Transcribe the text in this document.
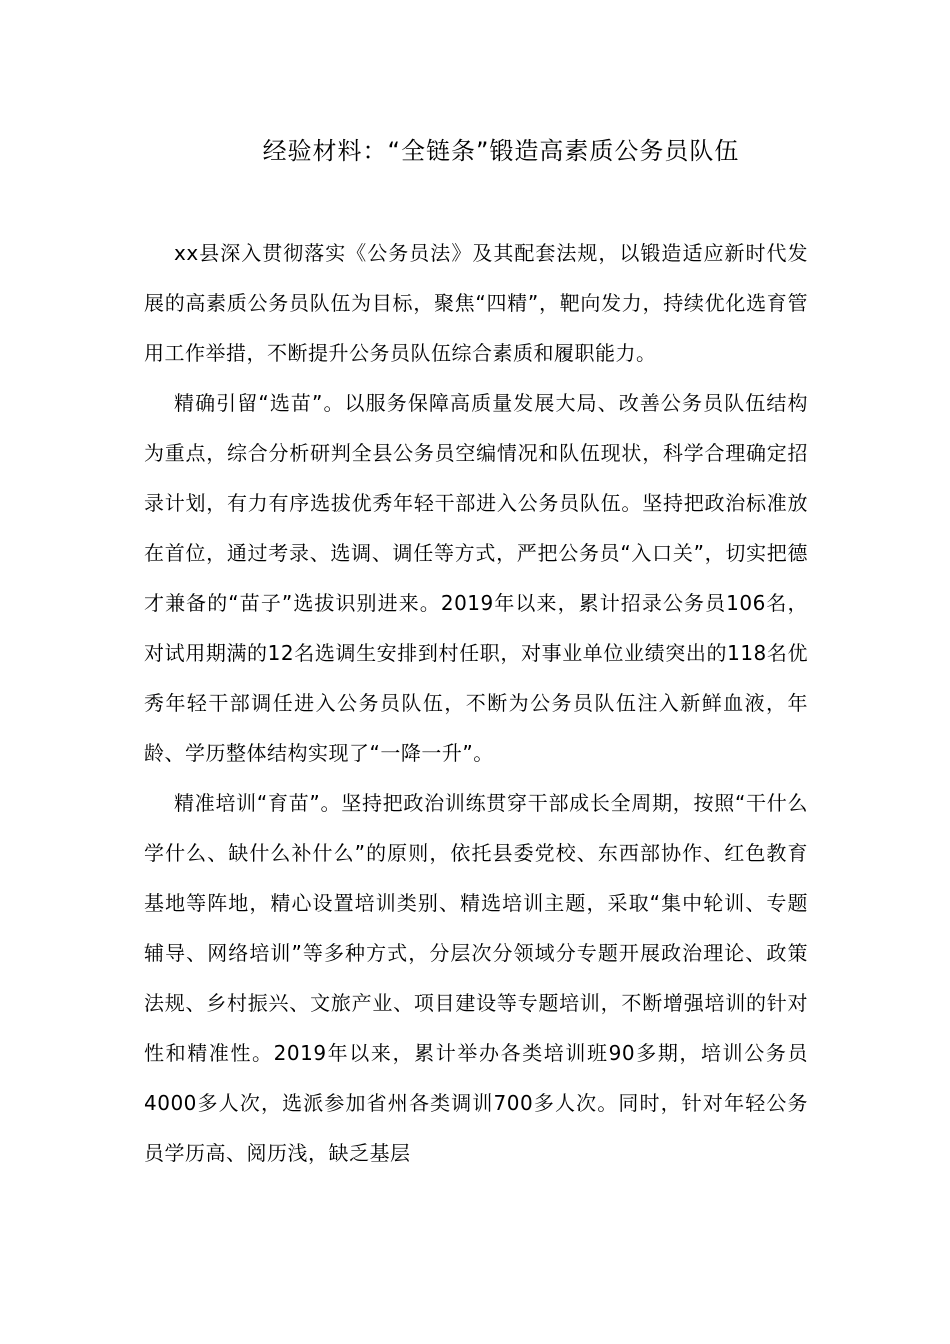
经验材料：“全链条”锻造高素质公务员队伍

xx县深入贯彻落实《公务员法》及其配套法规，以锻造适应新时代发展的高素质公务员队伍为目标，聚焦“四精”，靶向发力，持续优化选育管用工作举措，不断提升公务员队伍综合素质和履职能力。

精确引留“选苗”。以服务保障高质量发展大局、改善公务员队伍结构为重点，综合分析研判全县公务员空编情况和队伍现状，科学合理确定招录计划，有力有序选拔优秀年轻干部进入公务员队伍。坚持把政治标准放在首位，通过考录、选调、调任等方式，严把公务员“入口关”，切实把德才兼备的“苗子”选拔识别进来。2019年以来，累计招录公务员106名，对试用期满的12名选调生安排到村任职，对事业单位业绩突出的118名优秀年轻干部调任进入公务员队伍，不断为公务员队伍注入新鲜血液，年龄、学历整体结构实现了“一降一升”。

精准培训“育苗”。坚持把政治训练贯穿干部成长全周期，按照“干什么学什么、缺什么补什么”的原则，依托县委党校、东西部协作、红色教育基地等阵地，精心设置培训类别、精选培训主题，采取“集中轮训、专题辅导、网络培训”等多种方式，分层次分领域分专题开展政治理论、政策法规、乡村振兴、文旅产业、项目建设等专题培训，不断增强培训的针对性和精准性。2019年以来，累计举办各类培训班90多期，培训公务员4000多人次，选派参加省州各类调训700多人次。同时，针对年轻公务员学历高、阅历浅，缺乏基层
